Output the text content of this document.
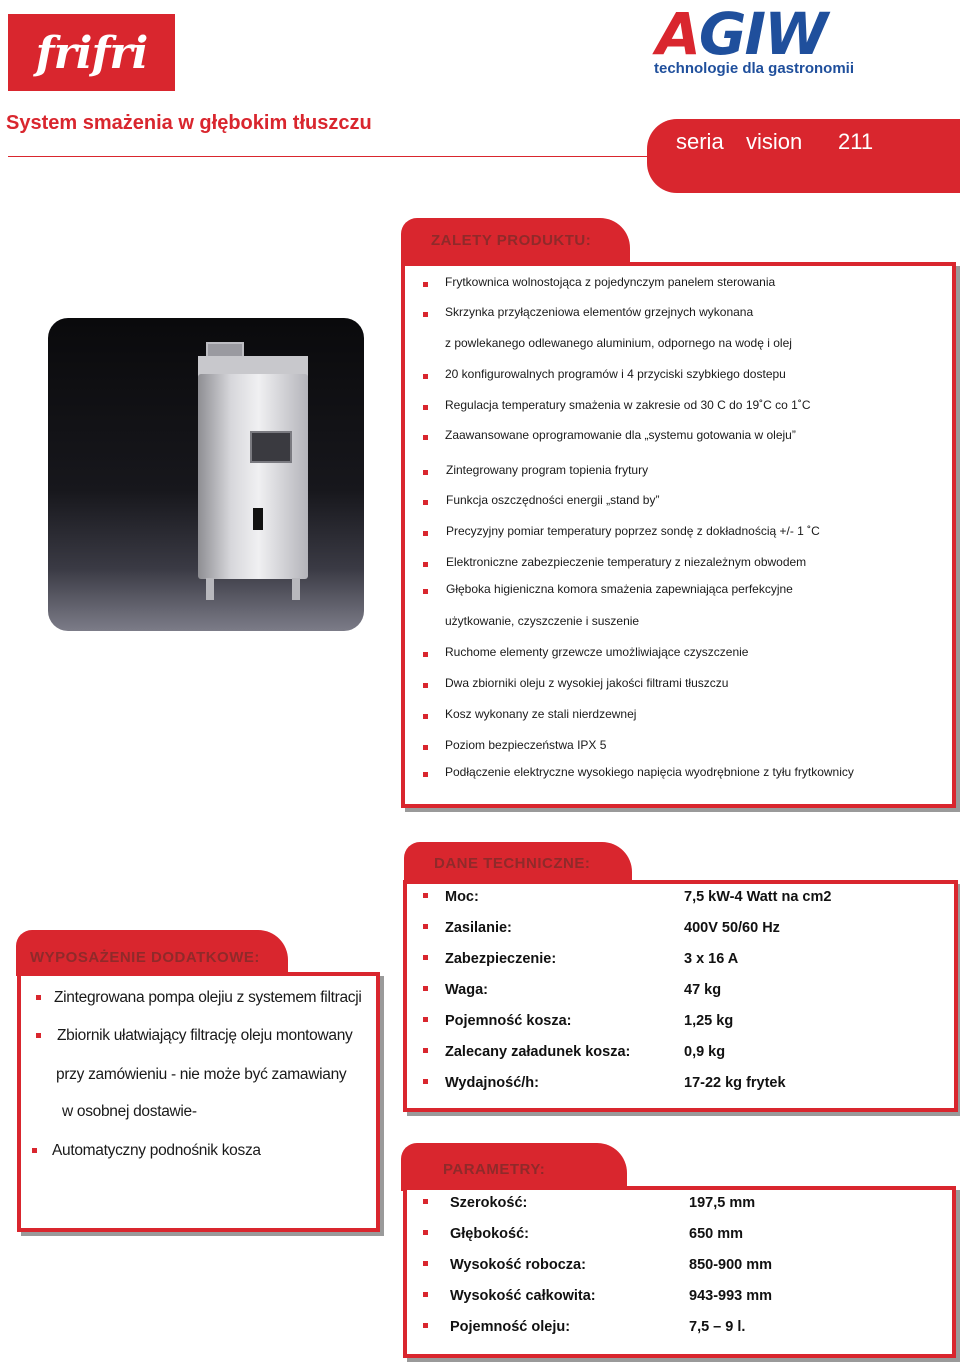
frifri	AGIW
technologie dla gastronomii
System smażenia w głębokim tłuszczu
seria vision 211
ZALETY PRODUKTU:
Frytkownica wolnostojąca z pojedynczym panelem sterowania
Skrzynka przyłączeniowa elementów grzejnych wykonana
z powlekanego odlewanego aluminium, odpornego na wodę i olej
20 konfigurowalnych programów i 4 przyciski szybkiego dostepu
Regulacja temperatury smażenia w zakresie od 30 C do 19˚C co 1˚C
Zaawansowane oprogramowanie dla „systemu gotowania w oleju”
Zintegrowany program topienia frytury
Funkcja oszczędności energii „stand by”
Precyzyjny pomiar temperatury poprzez sondę z dokładnością +/- 1 ˚C
Elektroniczne zabezpieczenie temperatury z niezależnym obwodem
Głęboka higieniczna komora smażenia zapewniająca perfekcyjne
użytkowanie, czyszczenie i suszenie
Ruchome elementy grzewcze umożliwiające czyszczenie
Dwa zbiorniki oleju z wysokiej jakości filtrami tłuszczu
Kosz wykonany ze stali nierdzewnej
Poziom bezpieczeństwa IPX 5
Podłączenie elektryczne wysokiego napięcia wyodrębnione z tyłu frytkownicy
DANE TECHNICZNE:
Moc:	7,5 kW-4 Watt na cm2
Zasilanie:	400V 50/60 Hz
Zabezpieczenie:	3 x 16 A
Waga:	47 kg
Pojemność kosza:	1,25 kg
Zalecany załadunek kosza:	0,9 kg
Wydajność/h:	17-22 kg frytek
WYPOSAŻENIE DODATKOWE:
Zintegrowana pompa olejiu z systemem filtracji
Zbiornik ułatwiający filtrację oleju montowany
przy zamówieniu - nie może być zamawiany
w osobnej dostawie-
Automatyczny podnośnik kosza
PARAMETRY:
Szerokość:	197,5 mm
Głębokość:	650 mm
Wysokość robocza:	850-900 mm
Wysokość całkowita:	943-993 mm
Pojemność oleju:	7,5 – 9 l.
